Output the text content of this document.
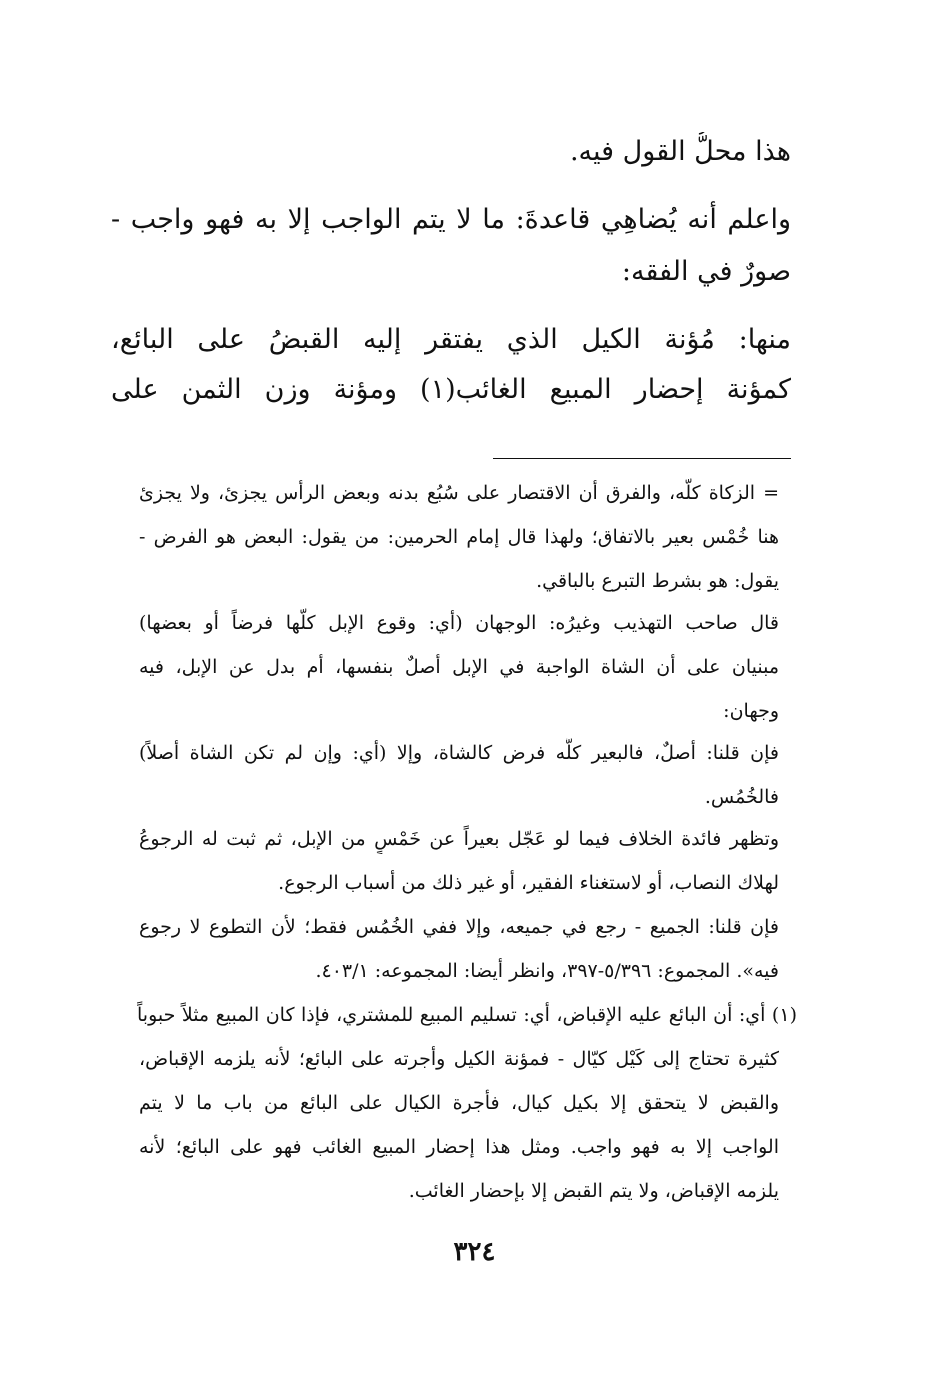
هذا محلُّ القول فيه.
واعلم أنه يُضاهِي قاعدةَ: ما لا يتم الواجب إلا به فهو واجب -
صورٌ في الفقه:
منها: مُؤنة الكيل الذي يفتقر إليه القبضُ على البائع،
كمؤنة إحضار المبيع الغائب(١) ومؤنة وزن الثمن على
= الزكاة كلّه، والفرق أن الاقتصار على سُبُع بدنه وبعض الرأس يجزئ، ولا يجزئ
هنا خُمْس بعير بالاتفاق؛ ولهذا قال إمام الحرمين: من يقول: البعض هو الفرض -
يقول: هو بشرط التبرع بالباقي.
قال صاحب التهذيب وغيرُه: الوجهان (أي: وقوع الإبل كلّها فرضاً أو بعضها)
مبنيان على أن الشاة الواجبة في الإبل أصلٌ بنفسها، أم بدل عن الإبل، فيه
وجهان:
فإن قلنا: أصلٌ، فالبعير كلُّه فرض كالشاة، وإلا (أي: وإن لم تكن الشاة أصلاً)
فالخُمُس.
وتظهر فائدة الخلاف فيما لو عَجّل بعيراً عن خَمْسٍ من الإبل، ثم ثبت له الرجوعُ
لهلاك النصاب، أو لاستغناء الفقير، أو غير ذلك من أسباب الرجوع.
فإن قلنا: الجميع - رجع في جميعه، وإلا ففي الخُمُس فقط؛ لأن التطوع لا رجوع
فيه». المجموع: ٥/٣٩٦-٣٩٧، وانظر أيضا: المجموعه: ٤٠٣/١.
(١) أي: أن البائع عليه الإقباض، أي: تسليم المبيع للمشتري، فإذا كان المبيع مثلاً حبوباً
كثيرة تحتاج إلى كَيْل كيّال - فمؤنة الكيل وأجرته على البائع؛ لأنه يلزمه الإقباض،
والقبض لا يتحقق إلا بكيل كيال، فأجرة الكيال على البائع من باب ما لا يتم
الواجب إلا به فهو واجب. ومثل هذا إحضار المبيع الغائب فهو على البائع؛ لأنه
يلزمه الإقباض، ولا يتم القبض إلا بإحضار الغائب.
٣٢٤
